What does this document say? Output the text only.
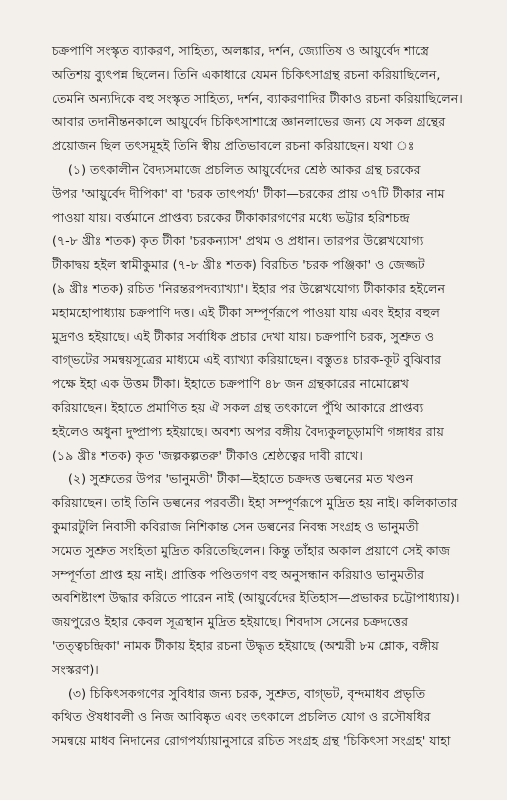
চক্রপাণি সংস্কৃত ব্যাকরণ, সাহিত্য, অলঙ্কার, দর্শন, জ্যোতিষ ও আয়ুর্বেদ শাস্ত্রে
অতিশয় ব্যুৎপন্ন ছিলেন। তিনি একাধারে যেমন চিকিৎসাগ্রন্থ রচনা করিয়াছিলেন,
তেমনি অন্যদিকে বহু সংস্কৃত সাহিত্য, দর্শন, ব্যাকরণাদির টীকাও রচনা করিয়াছিলেন।
আবার তদানীন্তনকালে আয়ুর্বেদ চিকিৎসাশাস্ত্রে জ্ঞানলাভের জন্য যে সকল গ্রন্থের
প্রয়োজন ছিল তৎসমূহই তিনি স্বীয় প্রতিভাবলে রচনা করিয়াছেন। যথা ঃ
(১) তৎকালীন বৈদ্যসমাজে প্রচলিত আয়ুর্বেদের শ্রেষ্ঠ আকর গ্রন্থ চরকের
উপর 'আয়ুর্বেদ দীপিকা' বা 'চরক তাৎপর্য্য' টীকা—চরকের প্রায় ৩৭টি টীকার নাম
পাওয়া যায়। বর্ত্তমানে প্রাপ্তব্য চরকের টীকাকারগণের মধ্যে ভট্টার হরিশচন্দ্র
(৭-৮ খ্রীঃ শতক) কৃত টীকা 'চরকন্যাস' প্রথম ও প্রধান। তারপর উল্লেখযোগ্য
টীকাদ্বয় হইল স্বামীকুমার (৭-৮ খ্রীঃ শতক) বিরচিত 'চরক পঞ্জিকা' ও জেজ্জট
(৯ খ্রীঃ শতক) রচিত 'নিরন্তরপদব্যাখ্যা'। ইহার পর উল্লেখযোগ্য টীকাকার হইলেন
মহামহোপাধ্যায় চক্রপাণি দত্ত। এই টীকা সম্পূর্ণরূপে পাওয়া যায় এবং ইহার বহুল
মুদ্রণও হইয়াছে। এই টীকার সর্বাধিক প্রচার দেখা যায়। চক্রপাণি চরক, সুশ্রুত ও
বাগ্‌ভটের সমন্বয়সূত্রের মাধ্যমে এই ব্যাখ্যা করিয়াছেন। বস্তুতঃ চারক-কূট বুঝিবার
পক্ষে ইহা এক উত্তম টীকা। ইহাতে চক্রপাণি ৪৮ জন গ্রন্থকারের নামোল্লেখ
করিয়াছেন। ইহাতে প্রমাণিত হয় ঐ সকল গ্রন্থ তৎকালে পুঁথি আকারে প্রাপ্তব্য
হইলেও অধুনা দুষ্প্রাপ্য হইয়াছে। অবশ্য অপর বঙ্গীয় বৈদ্যকুলচূড়ামণি গঙ্গাধর রায়
(১৯ খ্রীঃ শতক) কৃত 'জল্পকল্পতরু' টীকাও শ্রেষ্ঠত্বের দাবী রাখে।
(২) সুশ্রুতের উপর 'ভানুমতী' টীকা—ইহাতে চক্রদত্ত ডল্বনের মত খণ্ডন
করিয়াছেন। তাই তিনি ডল্বনের পরবর্তী। ইহা সম্পূর্ণরূপে মুদ্রিত হয় নাই। কলিকাতার
কুমারটুলি নিবাসী কবিরাজ নিশিকান্ত সেন ডল্বনের নিবন্ধ সংগ্রহ ও ভানুমতী
সমেত সুশ্রুত সংহিতা মুদ্রিত করিতেছিলেন। কিন্তু তাঁহার অকাল প্রয়াণে সেই কাজ
সম্পূর্ণতা প্রাপ্ত হয় নাই। প্রাত্তিক পণ্ডিতগণ বহু অনুসন্ধান করিয়াও ভানুমতীর
অবশিষ্টাংশ উদ্ধার করিতে পারেন নাই (আয়ুর্বেদের ইতিহাস—প্রভাকর চট্টোপাধ্যায়)।
জয়পুরেও ইহার কেবল সূত্রস্থান মুদ্রিত হইয়াছে। শিবদাস সেনের চক্রদত্তের
'তত্ত্বচন্দ্রিকা' নামক টীকায় ইহার রচনা উদ্ধৃত হইয়াছে (অশ্মরী ৮ম শ্লোক, বঙ্গীয়
সংস্করণ)।
(৩) চিকিৎসকগণের সুবিধার জন্য চরক, সুশ্রুত, বাগ্‌ভট, বৃন্দমাধব প্রভৃতি
কথিত ঔষধাবলী ও নিজ আবিষ্কৃত এবং তৎকালে প্রচলিত যোগ ও রসৌষধির
সমন্বয়ে মাধব নিদানের রোগপর্য্যায়ানুসারে রচিত সংগ্রহ গ্রন্থ 'চিকিৎসা সংগ্রহ' যাহা
